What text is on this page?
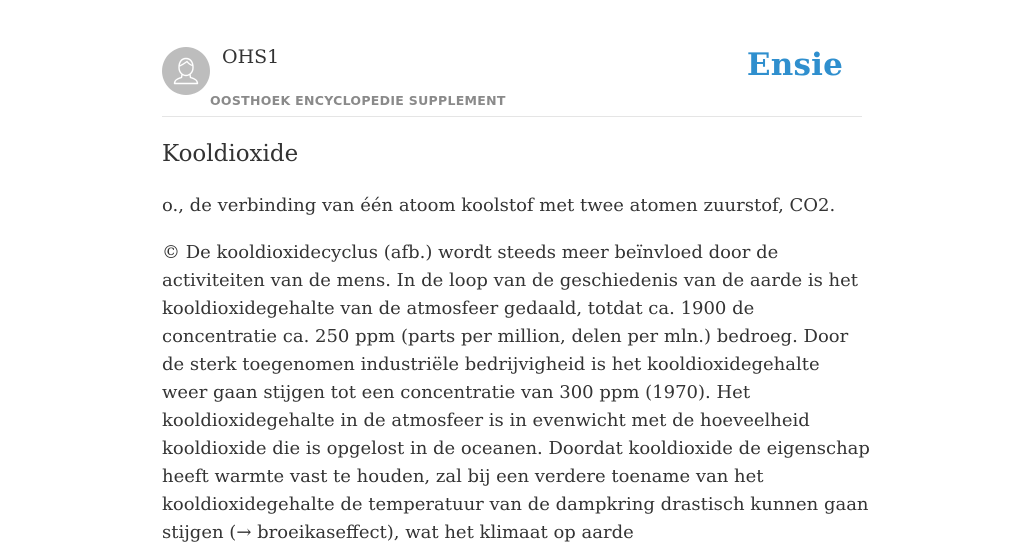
OHS1
OOSTHOEK ENCYCLOPEDIE SUPPLEMENT
Ensie
Kooldioxide

o., de verbinding van één atoom koolstof met twee atomen zuurstof, CO2.

© De kooldioxidecyclus (afb.) wordt steeds meer beïnvloed door de activiteiten van de mens. In de loop van de geschiedenis van de aarde is het kooldioxidegehalte van de atmosfeer gedaald, totdat ca. 1900 de concentratie ca. 250 ppm (parts per million, delen per mln.) bedroeg. Door de sterk toegenomen industriële bedrijvigheid is het kooldioxidegehalte weer gaan stijgen tot een concentratie van 300 ppm (1970). Het kooldioxidegehalte in de atmosfeer is in evenwicht met de hoeveelheid kooldioxide die is opgelost in de oceanen. Doordat kooldioxide de eigenschap heeft warmte vast te houden, zal bij een verdere toename van het kooldioxidegehalte de temperatuur van de dampkring drastisch kunnen gaan stijgen (→ broeikaseffect), wat het klimaat op aarde
